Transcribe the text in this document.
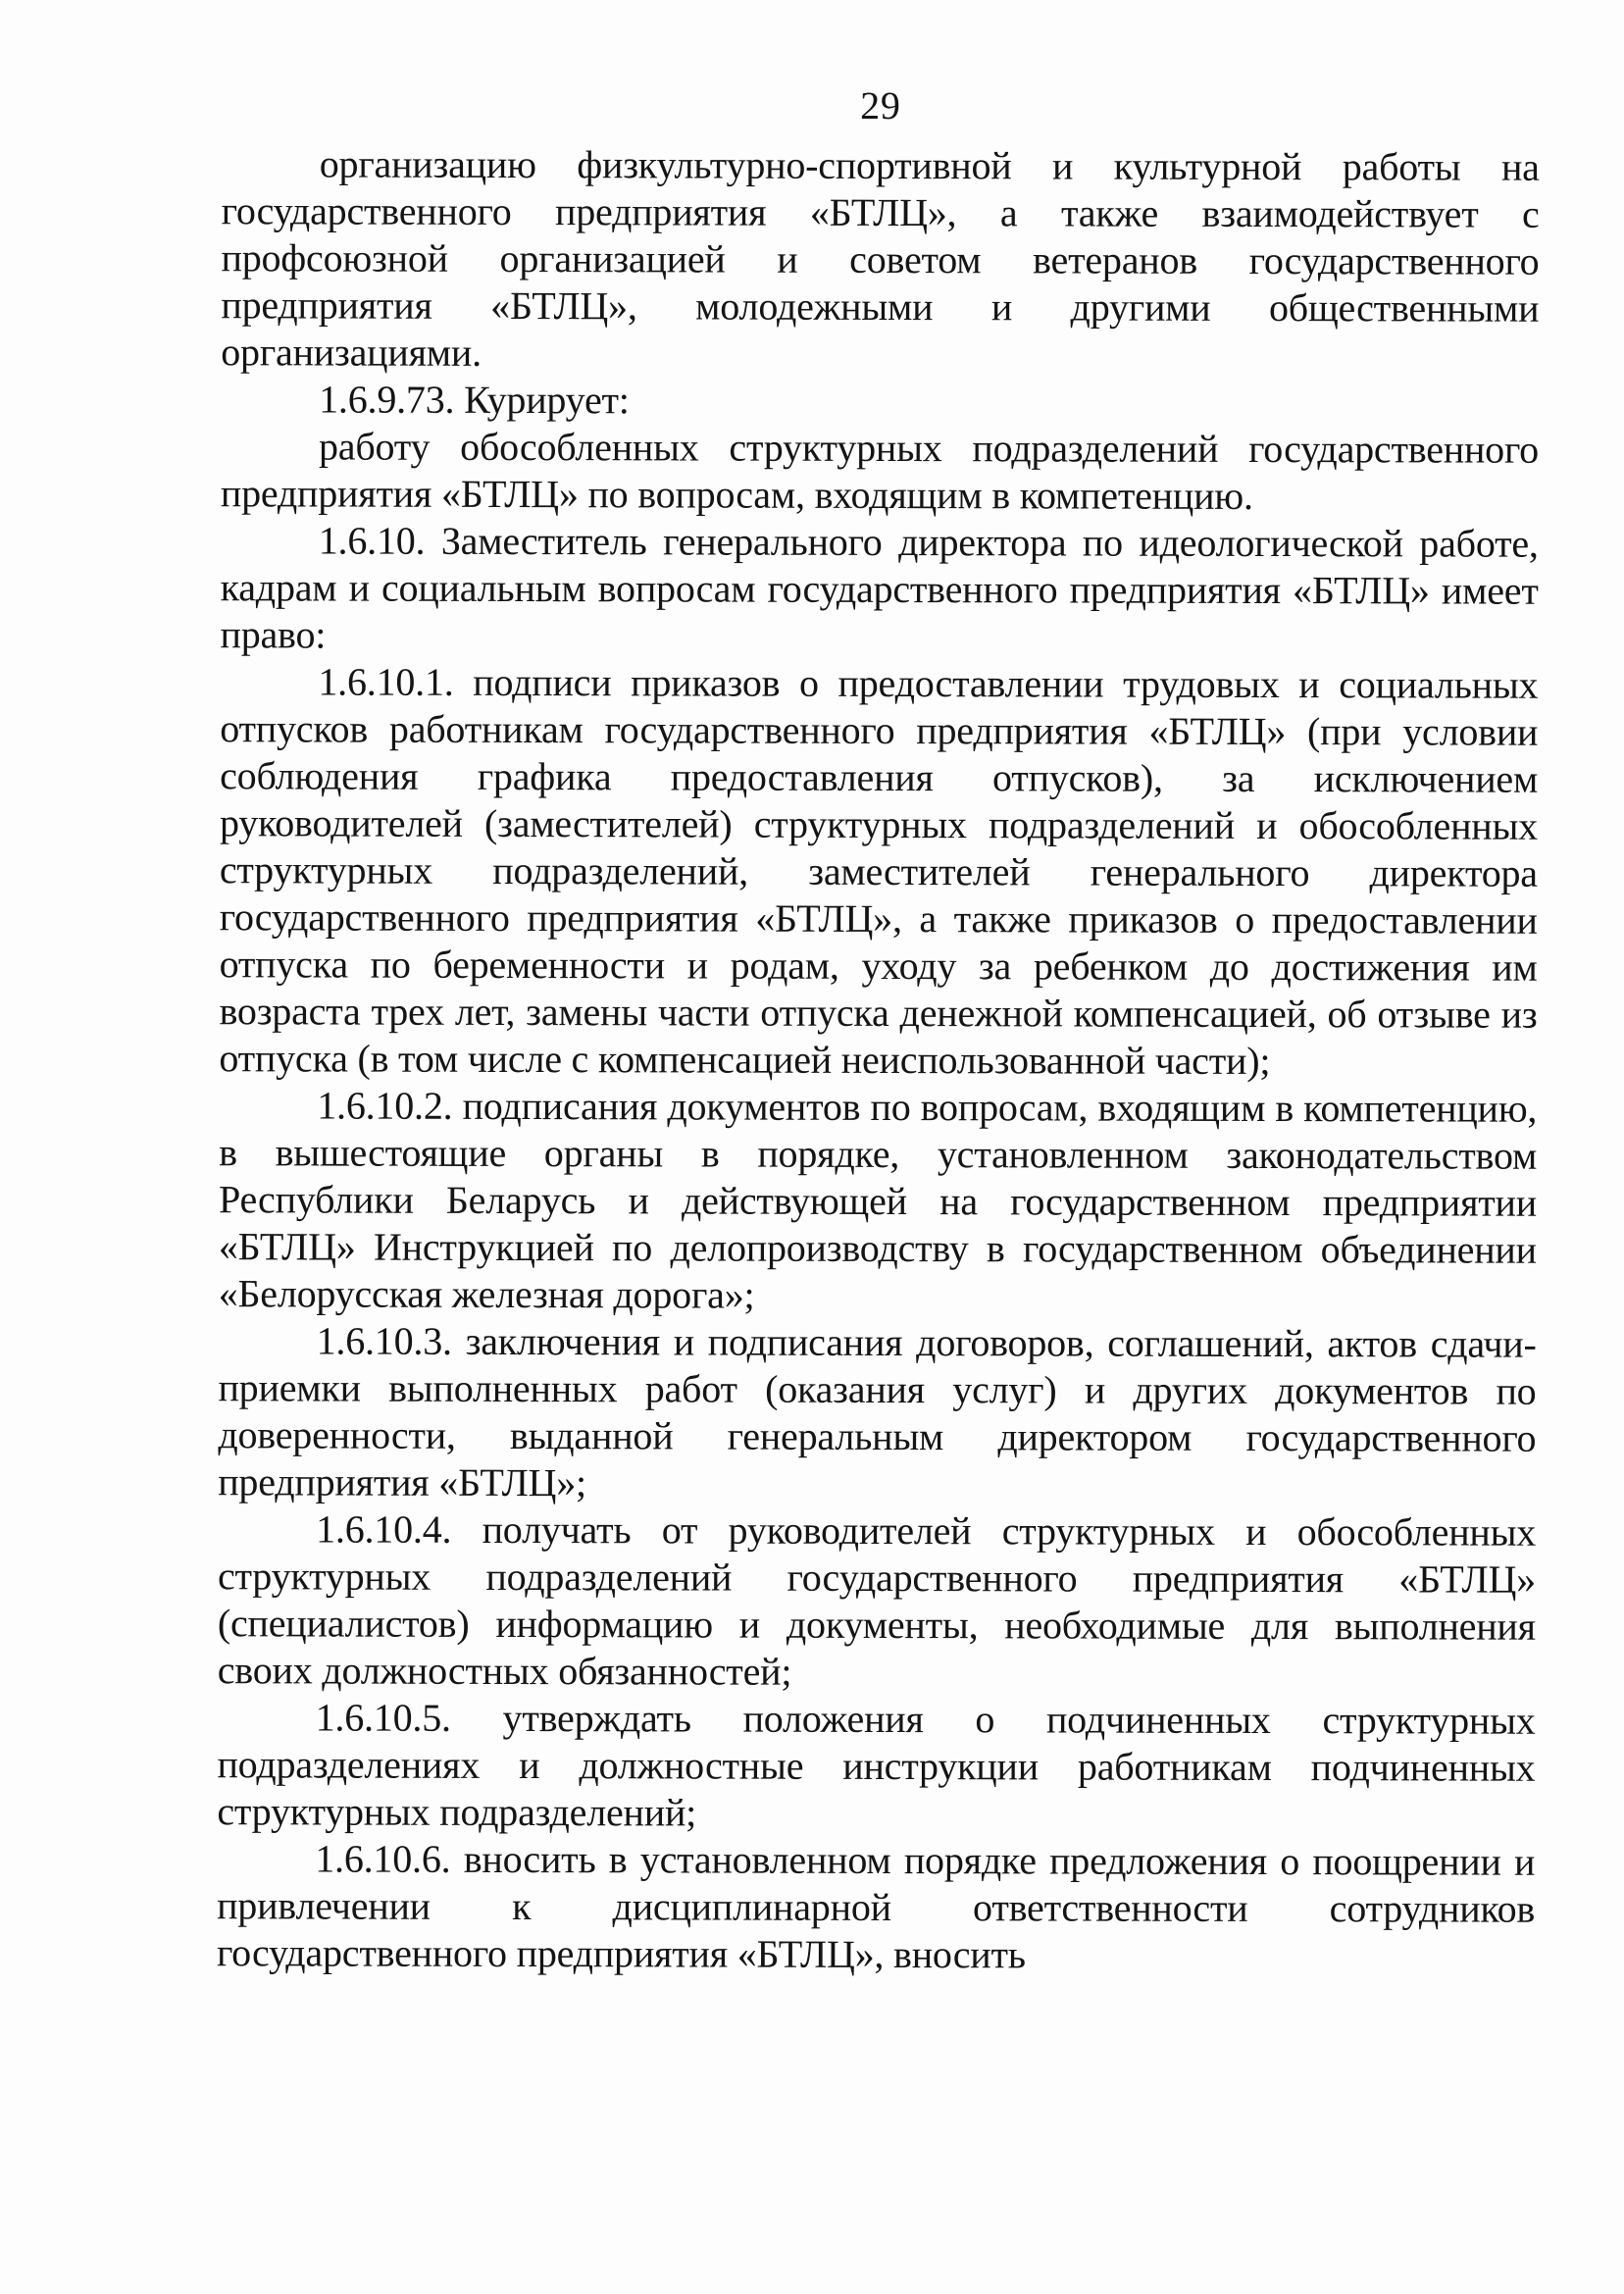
29

организацию физкультурно-спортивной и культурной работы на государственного предприятия «БТЛЦ», а также взаимодействует с профсоюзной организацией и советом ветеранов государственного предприятия «БТЛЦ», молодежными и другими общественными организациями.

1.6.9.73. Курирует:

работу обособленных структурных подразделений государственного предприятия «БТЛЦ» по вопросам, входящим в компетенцию.

1.6.10. Заместитель генерального директора по идеологической работе, кадрам и социальным вопросам государственного предприятия «БТЛЦ» имеет право:

1.6.10.1. подписи приказов о предоставлении трудовых и социальных отпусков работникам государственного предприятия «БТЛЦ» (при условии соблюдения графика предоставления отпусков), за исключением руководителей (заместителей) структурных подразделений и обособленных структурных подразделений, заместителей генерального директора государственного предприятия «БТЛЦ», а также приказов о предоставлении отпуска по беременности и родам, уходу за ребенком до достижения им возраста трех лет, замены части отпуска денежной компенсацией, об отзыве из отпуска (в том числе с компенсацией неиспользованной части);

1.6.10.2. подписания документов по вопросам, входящим в компетенцию, в вышестоящие органы в порядке, установленном законодательством Республики Беларусь и действующей на государственном предприятии «БТЛЦ» Инструкцией по делопроизводству в государственном объединении «Белорусская железная дорога»;

1.6.10.3. заключения и подписания договоров, соглашений, актов сдачи-приемки выполненных работ (оказания услуг) и других документов по доверенности, выданной генеральным директором государственного предприятия «БТЛЦ»;

1.6.10.4. получать от руководителей структурных и обособленных структурных подразделений государственного предприятия «БТЛЦ» (специалистов) информацию и документы, необходимые для выполнения своих должностных обязанностей;

1.6.10.5. утверждать положения о подчиненных структурных подразделениях и должностные инструкции работникам подчиненных структурных подразделений;

1.6.10.6. вносить в установленном порядке предложения о поощрении и привлечении к дисциплинарной ответственности сотрудников государственного предприятия «БТЛЦ», вносить
